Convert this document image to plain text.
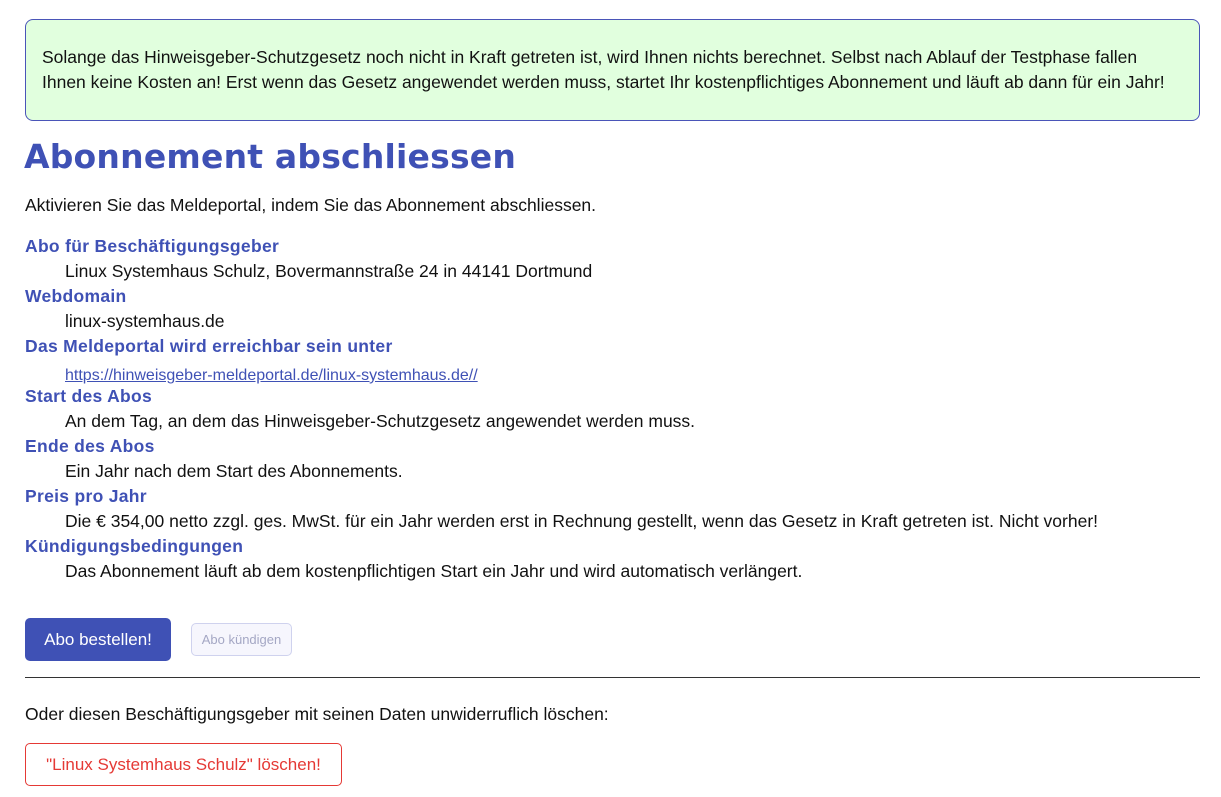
Solange das Hinweisgeber-Schutzgesetz noch nicht in Kraft getreten ist, wird Ihnen nichts berechnet. Selbst nach Ablauf der Testphase fallen Ihnen keine Kosten an! Erst wenn das Gesetz angewendet werden muss, startet Ihr kostenpflichtiges Abonnement und läuft ab dann für ein Jahr!
Abonnement abschliessen
Aktivieren Sie das Meldeportal, indem Sie das Abonnement abschliessen.
Abo für Beschäftigungsgeber
Linux Systemhaus Schulz, Bovermannstraße 24 in 44141 Dortmund
Webdomain
linux-systemhaus.de
Das Meldeportal wird erreichbar sein unter
https://hinweisgeber-meldeportal.de/linux-systemhaus.de//
Start des Abos
An dem Tag, an dem das Hinweisgeber-Schutzgesetz angewendet werden muss.
Ende des Abos
Ein Jahr nach dem Start des Abonnements.
Preis pro Jahr
Die € 354,00 netto zzgl. ges. MwSt. für ein Jahr werden erst in Rechnung gestellt, wenn das Gesetz in Kraft getreten ist. Nicht vorher!
Kündigungsbedingungen
Das Abonnement läuft ab dem kostenpflichtigen Start ein Jahr und wird automatisch verlängert.
Abo bestellen!	Abo kündigen
Oder diesen Beschäftigungsgeber mit seinen Daten unwiderruflich löschen:
"Linux Systemhaus Schulz" löschen!
